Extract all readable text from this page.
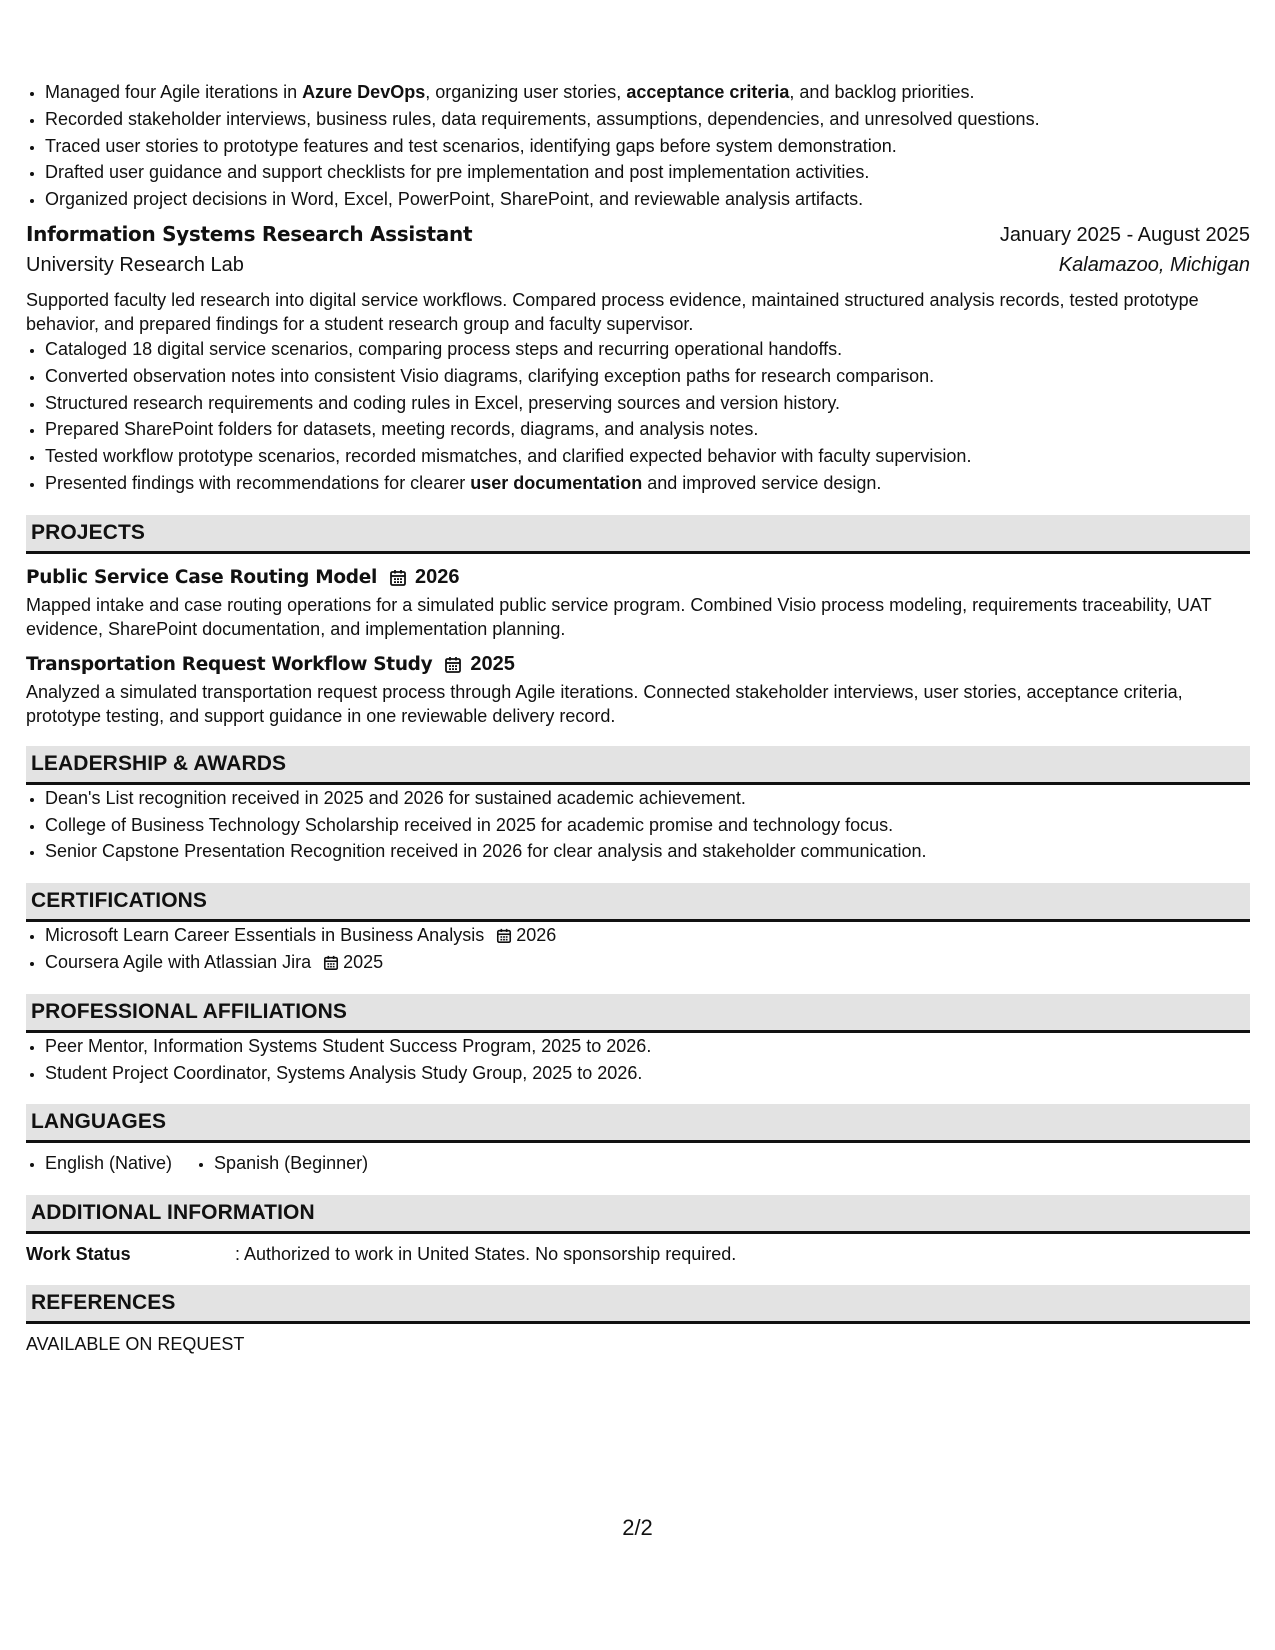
• Managed four Agile iterations in Azure DevOps, organizing user stories, acceptance criteria, and backlog priorities.
• Recorded stakeholder interviews, business rules, data requirements, assumptions, dependencies, and unresolved questions.
• Traced user stories to prototype features and test scenarios, identifying gaps before system demonstration.
• Drafted user guidance and support checklists for pre implementation and post implementation activities.
• Organized project decisions in Word, Excel, PowerPoint, SharePoint, and reviewable analysis artifacts.
Information Systems Research Assistant	January 2025 - August 2025
University Research Lab	Kalamazoo, Michigan

Supported faculty led research into digital service workflows. Compared process evidence, maintained structured analysis records, tested prototype behavior, and prepared findings for a student research group and faculty supervisor.

• Cataloged 18 digital service scenarios, comparing process steps and recurring operational handoffs.
• Converted observation notes into consistent Visio diagrams, clarifying exception paths for research comparison.
• Structured research requirements and coding rules in Excel, preserving sources and version history.
• Prepared SharePoint folders for datasets, meeting records, diagrams, and analysis notes.
• Tested workflow prototype scenarios, recorded mismatches, and clarified expected behavior with faculty supervision.
• Presented findings with recommendations for clearer user documentation and improved service design.
PROJECTS
Public Service Case Routing Model 2026

Mapped intake and case routing operations for a simulated public service program. Combined Visio process modeling, requirements traceability, UAT evidence, SharePoint documentation, and implementation planning.

Transportation Request Workflow Study 2025

Analyzed a simulated transportation request process through Agile iterations. Connected stakeholder interviews, user stories, acceptance criteria, prototype testing, and support guidance in one reviewable delivery record.

LEADERSHIP & AWARDS
• Dean's List recognition received in 2025 and 2026 for sustained academic achievement.
• College of Business Technology Scholarship received in 2025 for academic promise and technology focus.
• Senior Capstone Presentation Recognition received in 2026 for clear analysis and stakeholder communication.
CERTIFICATIONS
• Microsoft Learn Career Essentials in Business Analysis 2026
• Coursera Agile with Atlassian Jira 2025
PROFESSIONAL AFFILIATIONS
• Peer Mentor, Information Systems Student Success Program, 2025 to 2026.
• Student Project Coordinator, Systems Analysis Study Group, 2025 to 2026.
LANGUAGES
• English (Native)
• Spanish (Beginner)
ADDITIONAL INFORMATION
Work Status	: Authorized to work in United States. No sponsorship required.
REFERENCES
AVAILABLE ON REQUEST
2/2
